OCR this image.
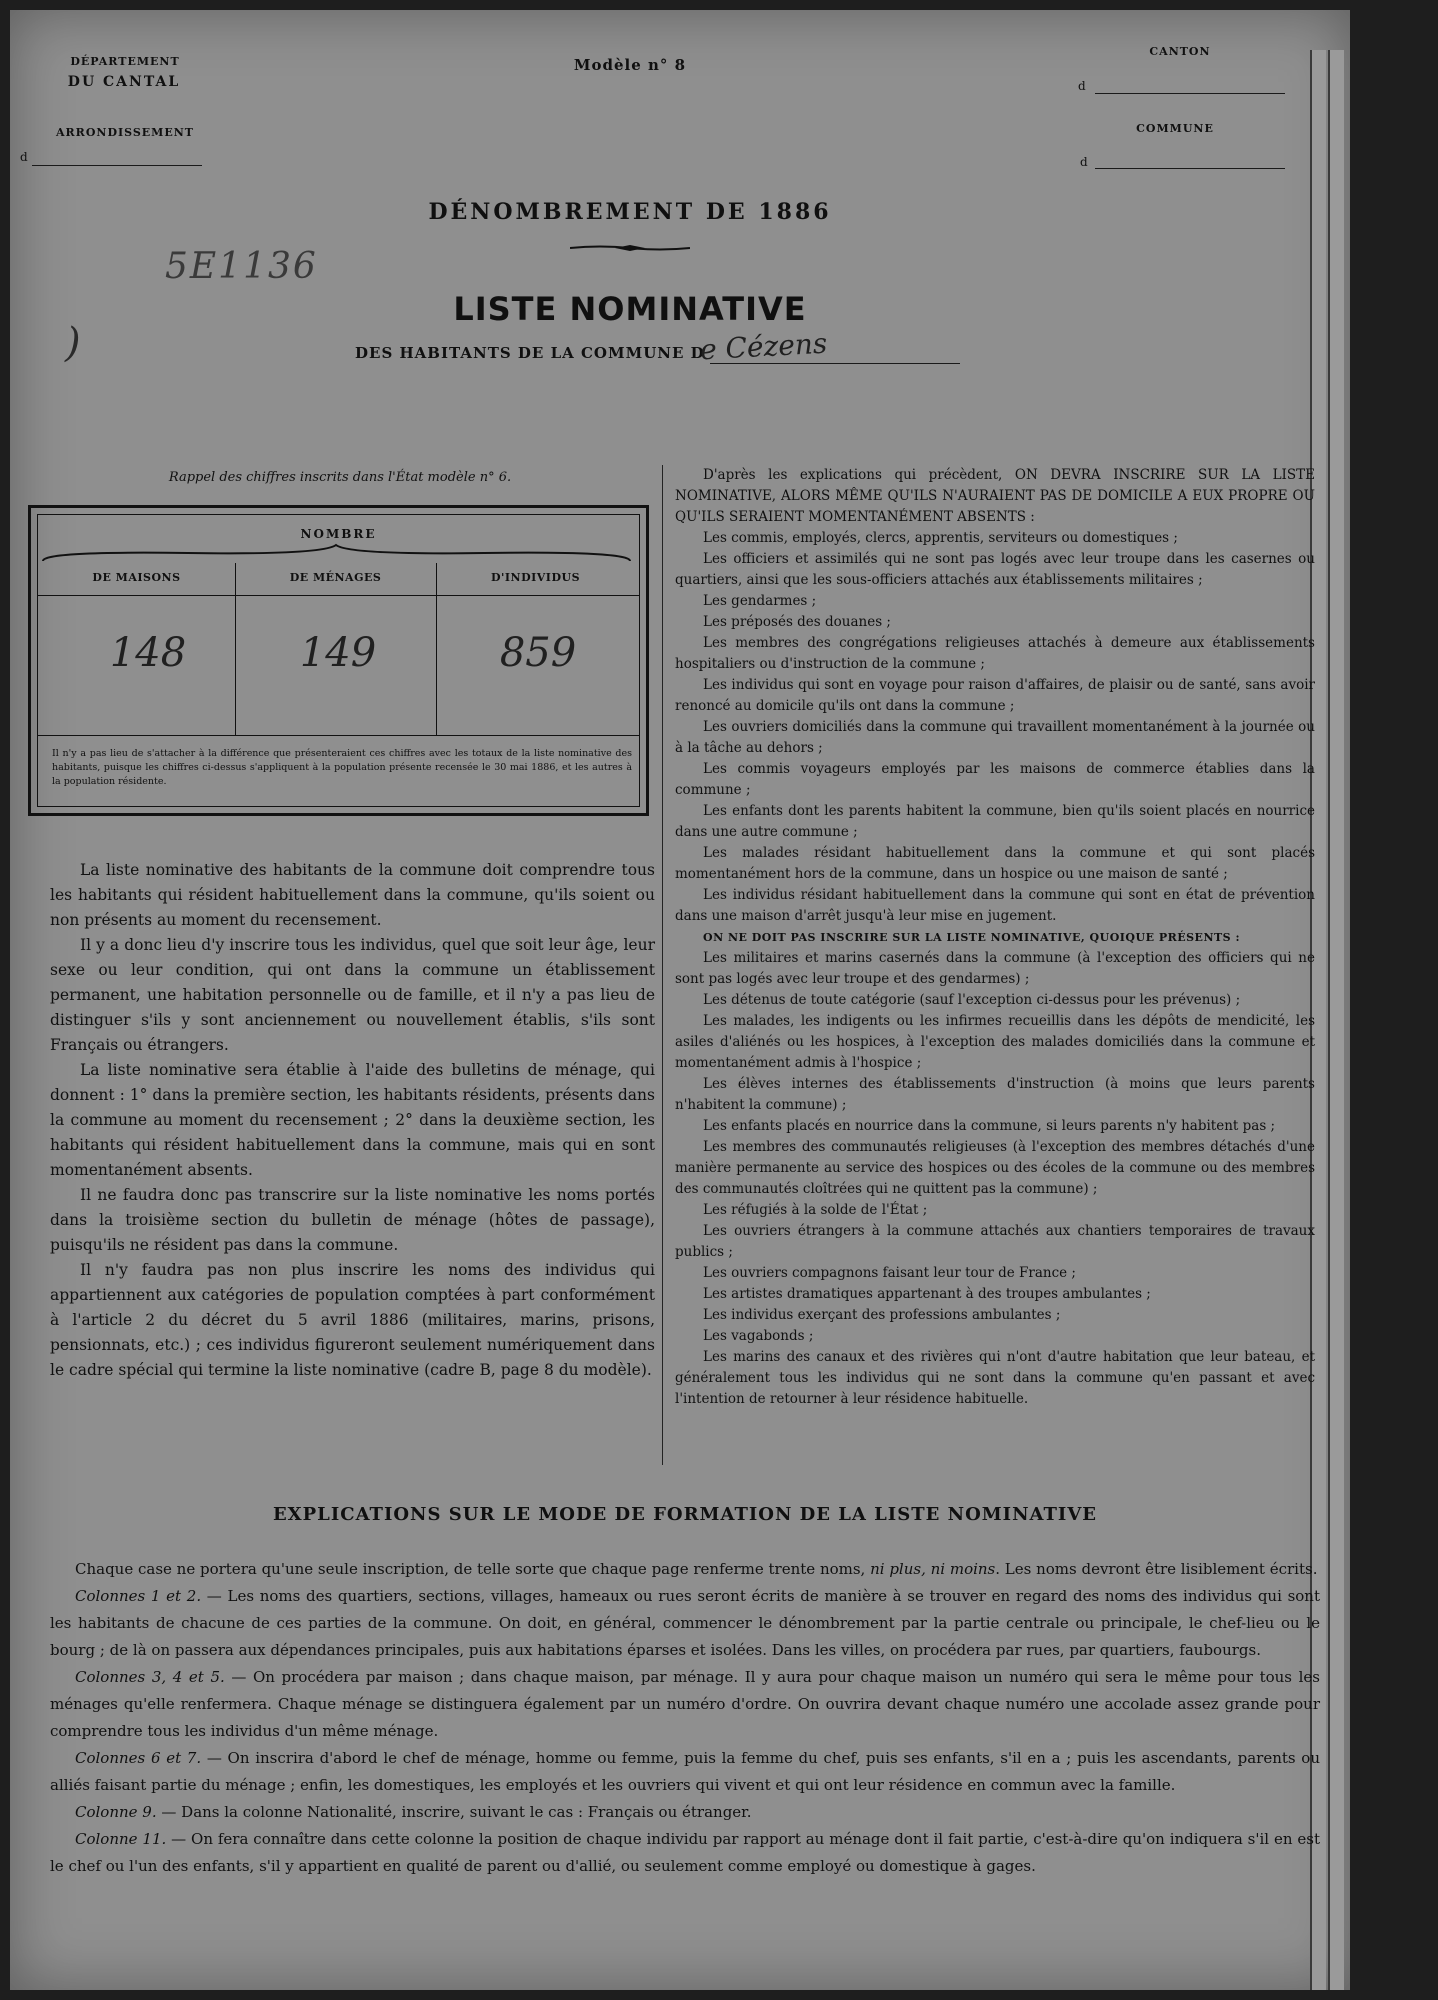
DÉPARTEMENT
DU CANTAL
ARRONDISSEMENT
d
Modèle n° 8
CANTON
d
COMMUNE
d
5E1136
)
DÉNOMBREMENT DE 1886
LISTE NOMINATIVE
DES HABITANTS DE LA COMMUNE D
e Cézens
Rappel des chiffres inscrits dans l'État modèle n° 6.
NOMBRE
DE MAISONS	DE MÉNAGES	D'INDIVIDUS
148	149	859
Il n'y a pas lieu de s'attacher à la différence que présenteraient ces chiffres avec les totaux de la liste nominative des habitants, puisque les chiffres ci-dessus s'appliquent à la population présente recensée le 30 mai 1886, et les autres à la population résidente.

La liste nominative des habitants de la commune doit comprendre tous les habitants qui résident habituellement dans la commune, qu'ils soient ou non présents au moment du recensement.

Il y a donc lieu d'y inscrire tous les individus, quel que soit leur âge, leur sexe ou leur condition, qui ont dans la commune un établissement permanent, une habitation personnelle ou de famille, et il n'y a pas lieu de distinguer s'ils y sont anciennement ou nouvellement établis, s'ils sont Français ou étrangers.

La liste nominative sera établie à l'aide des bulletins de ménage, qui donnent : 1° dans la première section, les habitants résidents, présents dans la commune au moment du recensement ; 2° dans la deuxième section, les habitants qui résident habituellement dans la commune, mais qui en sont momentanément absents.

Il ne faudra donc pas transcrire sur la liste nominative les noms portés dans la troisième section du bulletin de ménage (hôtes de passage), puisqu'ils ne résident pas dans la commune.

Il n'y faudra pas non plus inscrire les noms des individus qui appartiennent aux catégories de population comptées à part conformément à l'article 2 du décret du 5 avril 1886 (militaires, marins, prisons, pensionnats, etc.) ; ces individus figureront seulement numériquement dans le cadre spécial qui termine la liste nominative (cadre B, page 8 du modèle).

D'après les explications qui précèdent, ON DEVRA INSCRIRE SUR LA LISTE NOMINATIVE, ALORS MÊME QU'ILS N'AURAIENT PAS DE DOMICILE A EUX PROPRE OU QU'ILS SERAIENT MOMENTANÉMENT ABSENTS :

Les commis, employés, clercs, apprentis, serviteurs ou domestiques ;

Les officiers et assimilés qui ne sont pas logés avec leur troupe dans les casernes ou quartiers, ainsi que les sous-officiers attachés aux établissements militaires ;

Les gendarmes ;

Les préposés des douanes ;

Les membres des congrégations religieuses attachés à demeure aux établissements hospitaliers ou d'instruction de la commune ;

Les individus qui sont en voyage pour raison d'affaires, de plaisir ou de santé, sans avoir renoncé au domicile qu'ils ont dans la commune ;

Les ouvriers domiciliés dans la commune qui travaillent momentanément à la journée ou à la tâche au dehors ;

Les commis voyageurs employés par les maisons de commerce établies dans la commune ;

Les enfants dont les parents habitent la commune, bien qu'ils soient placés en nourrice dans une autre commune ;

Les malades résidant habituellement dans la commune et qui sont placés momentanément hors de la commune, dans un hospice ou une maison de santé ;

Les individus résidant habituellement dans la commune qui sont en état de prévention dans une maison d'arrêt jusqu'à leur mise en jugement.

ON NE DOIT PAS INSCRIRE SUR LA LISTE NOMINATIVE, QUOIQUE PRÉSENTS :

Les militaires et marins casernés dans la commune (à l'exception des officiers qui ne sont pas logés avec leur troupe et des gendarmes) ;

Les détenus de toute catégorie (sauf l'exception ci-dessus pour les prévenus) ;

Les malades, les indigents ou les infirmes recueillis dans les dépôts de mendicité, les asiles d'aliénés ou les hospices, à l'exception des malades domiciliés dans la commune et momentanément admis à l'hospice ;

Les élèves internes des établissements d'instruction (à moins que leurs parents n'habitent la commune) ;

Les enfants placés en nourrice dans la commune, si leurs parents n'y habitent pas ;

Les membres des communautés religieuses (à l'exception des membres détachés d'une manière permanente au service des hospices ou des écoles de la commune ou des membres des communautés cloîtrées qui ne quittent pas la commune) ;

Les réfugiés à la solde de l'État ;

Les ouvriers étrangers à la commune attachés aux chantiers temporaires de travaux publics ;

Les ouvriers compagnons faisant leur tour de France ;

Les artistes dramatiques appartenant à des troupes ambulantes ;

Les individus exerçant des professions ambulantes ;

Les vagabonds ;

Les marins des canaux et des rivières qui n'ont d'autre habitation que leur bateau, et généralement tous les individus qui ne sont dans la commune qu'en passant et avec l'intention de retourner à leur résidence habituelle.

EXPLICATIONS SUR LE MODE DE FORMATION DE LA LISTE NOMINATIVE

Chaque case ne portera qu'une seule inscription, de telle sorte que chaque page renferme trente noms, ni plus, ni moins. Les noms devront être lisiblement écrits.

Colonnes 1 et 2. — Les noms des quartiers, sections, villages, hameaux ou rues seront écrits de manière à se trouver en regard des noms des individus qui sont les habitants de chacune de ces parties de la commune. On doit, en général, commencer le dénombrement par la partie centrale ou principale, le chef-lieu ou le bourg ; de là on passera aux dépendances principales, puis aux habitations éparses et isolées. Dans les villes, on procédera par rues, par quartiers, faubourgs.

Colonnes 3, 4 et 5. — On procédera par maison ; dans chaque maison, par ménage. Il y aura pour chaque maison un numéro qui sera le même pour tous les ménages qu'elle renfermera. Chaque ménage se distinguera également par un numéro d'ordre. On ouvrira devant chaque numéro une accolade assez grande pour comprendre tous les individus d'un même ménage.

Colonnes 6 et 7. — On inscrira d'abord le chef de ménage, homme ou femme, puis la femme du chef, puis ses enfants, s'il en a ; puis les ascendants, parents ou alliés faisant partie du ménage ; enfin, les domestiques, les employés et les ouvriers qui vivent et qui ont leur résidence en commun avec la famille.

Colonne 9. — Dans la colonne Nationalité, inscrire, suivant le cas : Français ou étranger.

Colonne 11. — On fera connaître dans cette colonne la position de chaque individu par rapport au ménage dont il fait partie, c'est-à-dire qu'on indiquera s'il en est le chef ou l'un des enfants, s'il y appartient en qualité de parent ou d'allié, ou seulement comme employé ou domestique à gages.
